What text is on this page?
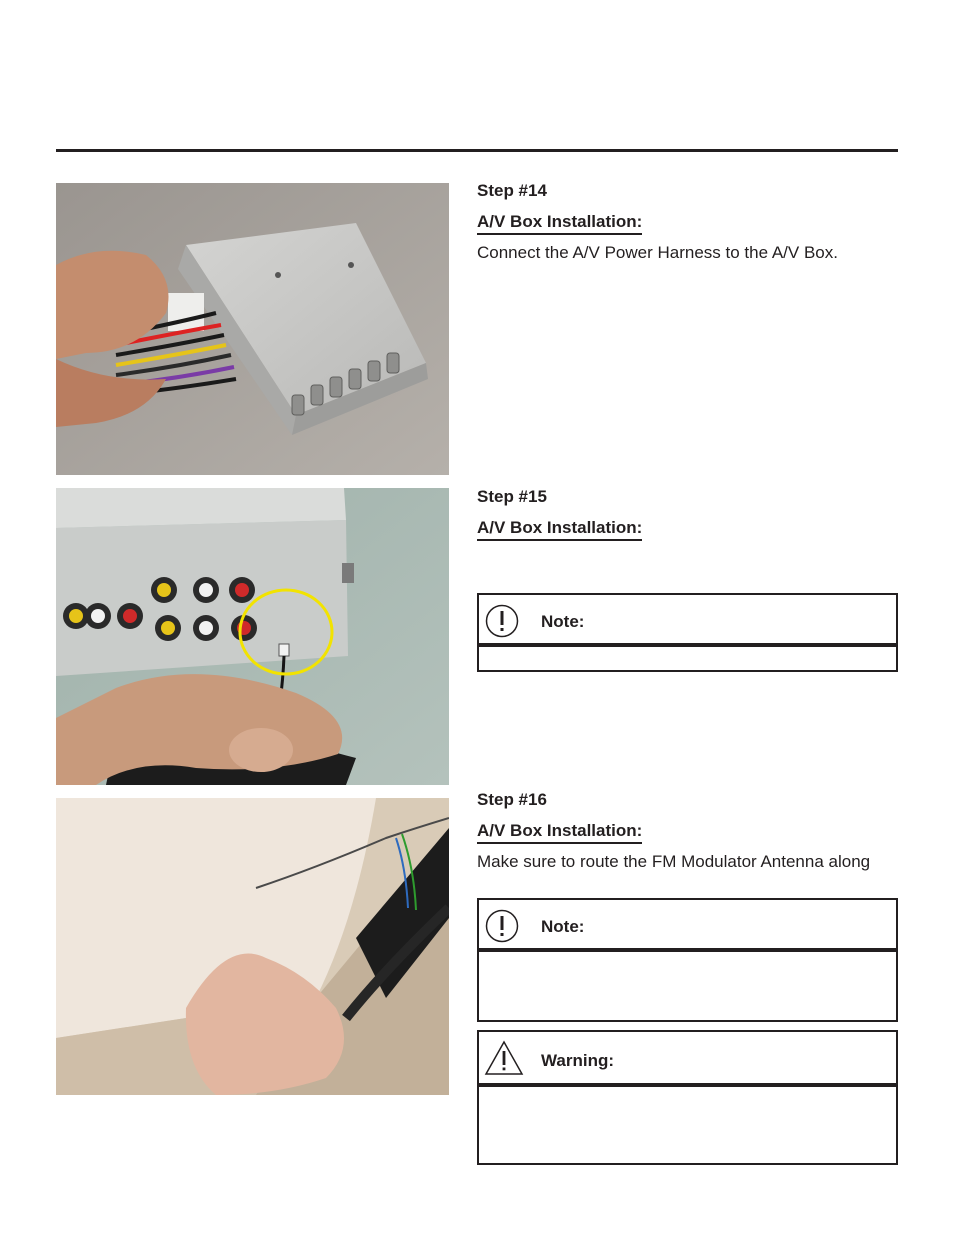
Step #14

A/V Box Installation:

Connect the A/V Power Harness to the A/V Box.

Step #15

A/V Box Installation:
Note:

Step #16

A/V Box Installation:

Make sure to route the FM Modulator Antenna along

Note:
Warning:
